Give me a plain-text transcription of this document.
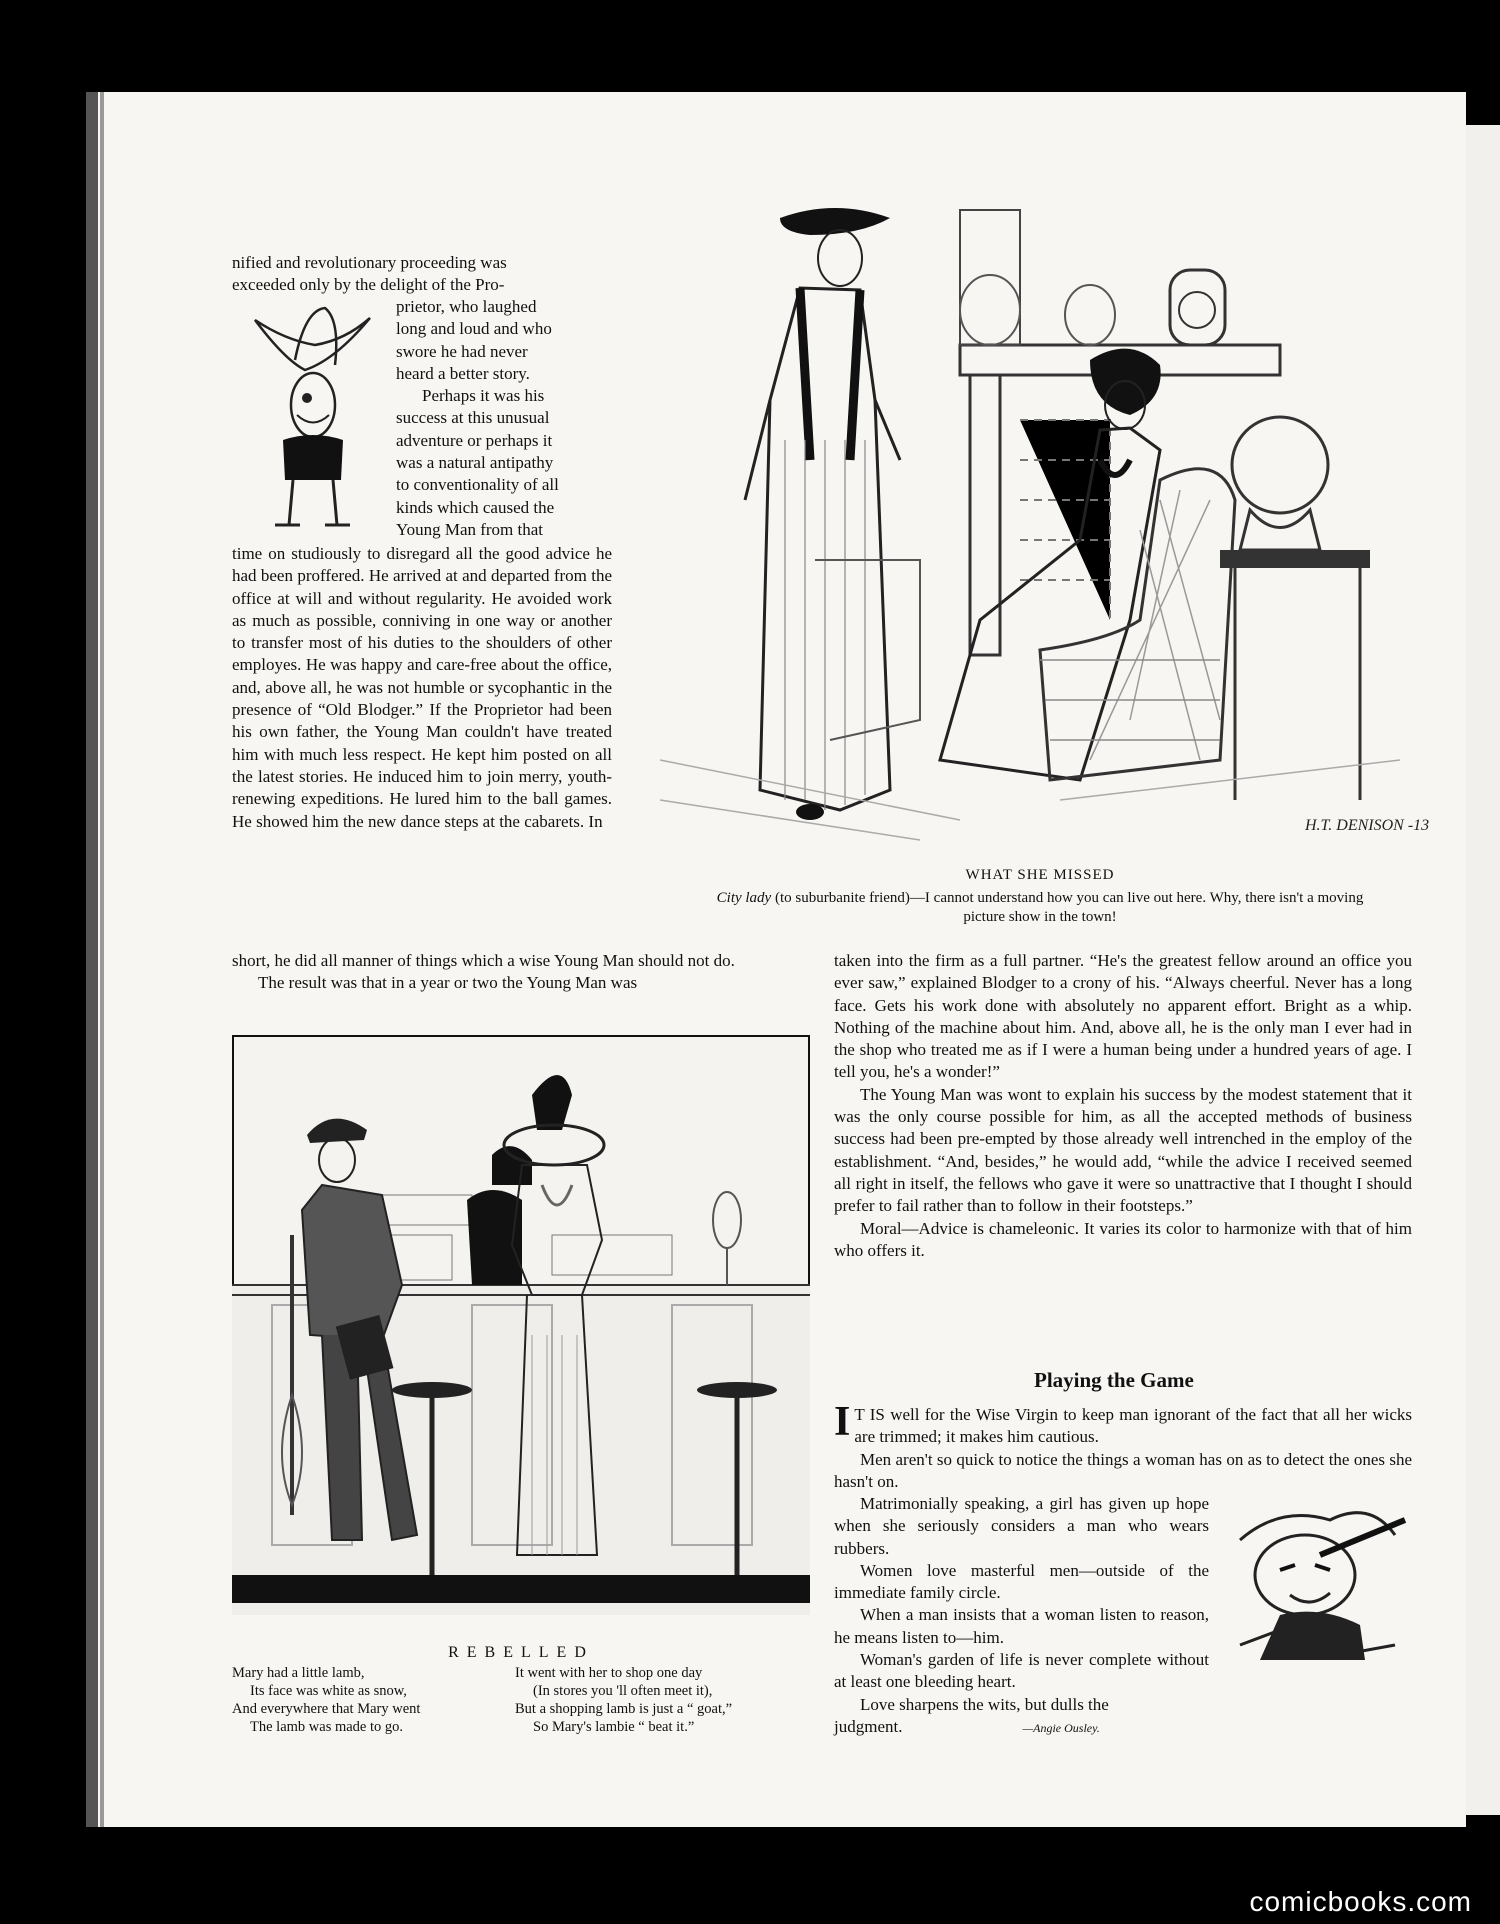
nified and revolutionary proceeding was

exceeded only by the delight of the Pro-

prietor, who laughed

long and loud and who

swore he had never

heard a better story.

Perhaps it was his

success at this unusual

adventure or perhaps it

was a natural antipathy

to conventionality of all

kinds which caused the

Young Man from that

time on studiously to disregard all the good advice he had been proffered. He arrived at and departed from the office at will and without regularity. He avoided work as much as possible, conniving in one way or another to transfer most of his duties to the shoulders of other employes. He was happy and care-free about the office, and, above all, he was not humble or sycophantic in the presence of “Old Blodger.” If the Proprietor had been his own father, the Young Man couldn't have treated him with much less respect. He kept him posted on all the latest stories. He induced him to join merry, youth-renewing expeditions. He lured him to the ball games. He showed him the new dance steps at the cabarets. In

short, he did all manner of things which a wise Young Man should not do.

The result was that in a year or two the Young Man was

H.T. DENISON -13
WHAT SHE MISSED
City lady (to suburbanite friend)—I cannot understand how you can live out here. Why, there isn't a moving picture show in the town!

taken into the firm as a full partner. “He's the greatest fellow around an office you ever saw,” explained Blodger to a crony of his. “Always cheerful. Never has a long face. Gets his work done with absolutely no apparent effort. Bright as a whip. Nothing of the machine about him. And, above all, he is the only man I ever had in the shop who treated me as if I were a human being under a hundred years of age. I tell you, he's a wonder!”

The Young Man was wont to explain his success by the modest statement that it was the only course possible for him, as all the accepted methods of business success had been pre-empted by those already well intrenched in the employ of the establishment. “And, besides,” he would add, “while the advice I received seemed all right in itself, the fellows who gave it were so unattractive that I thought I should prefer to fail rather than to follow in their footsteps.”

Moral—Advice is chameleonic. It varies its color to harmonize with that of him who offers it.

REBELLED
Mary had a little lamb,
Its face was white as snow,
And everywhere that Mary went
The lamb was made to go.
It went with her to shop one day
(In stores you 'll often meet it),
But a shopping lamb is just a “ goat,”
So Mary's lambie “ beat it.”
Playing the Game

I T IS well for the Wise Virgin to keep man ignorant of the fact that all her wicks are trimmed; it makes him cautious.

Men aren't so quick to notice the things a woman has on as to detect the ones she hasn't on.

Matrimonially speaking, a girl has given up hope when she seriously considers a man who wears rubbers.

Women love masterful men—outside of the immediate family circle.

When a man insists that a woman listen to reason, he means listen to—him.

Woman's garden of life is never complete without at least one bleeding heart.

Love sharpens the wits, but dulls the

judgment.	—Angie Ousley.

comicbooks.com
